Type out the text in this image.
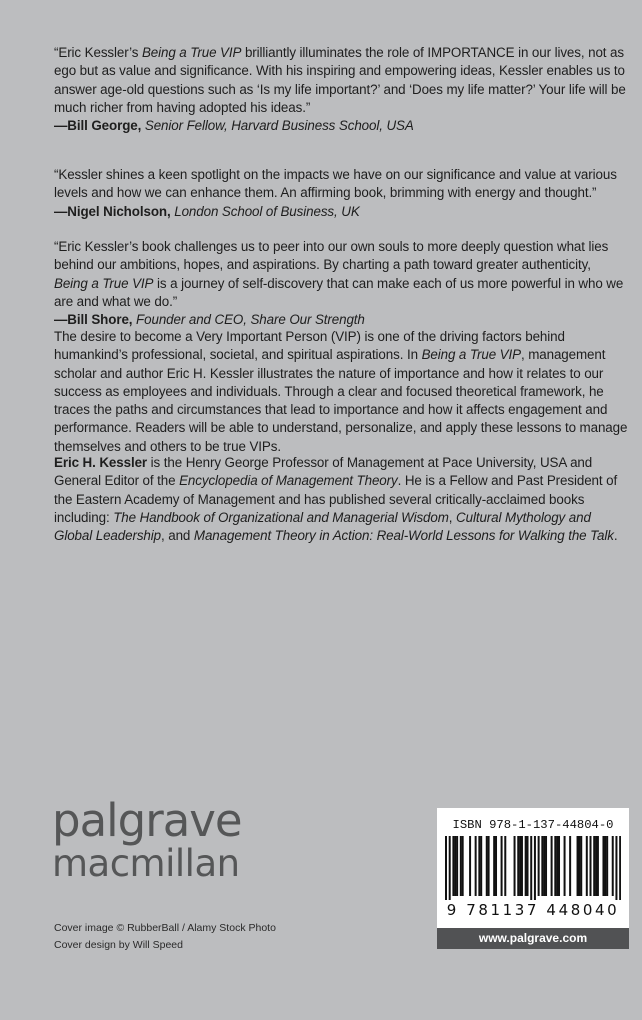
“Eric Kessler’s Being a True VIP brilliantly illuminates the role of IMPORTANCE in our lives, not as ego but as value and significance. With his inspiring and empowering ideas, Kessler enables us to answer age-old questions such as ‘Is my life important?’ and ‘Does my life matter?’ Your life will be much richer from having adopted his ideas.”

—Bill George, Senior Fellow, Harvard Business School, USA

“Kessler shines a keen spotlight on the impacts we have on our significance and value at various levels and how we can enhance them. An affirming book, brimming with energy and thought.”

—Nigel Nicholson, London School of Business, UK

“Eric Kessler’s book challenges us to peer into our own souls to more deeply question what lies behind our ambitions, hopes, and aspirations. By charting a path toward greater authenticity, Being a True VIP is a journey of self-discovery that can make each of us more powerful in who we are and what we do.”

—Bill Shore, Founder and CEO, Share Our Strength

The desire to become a Very Important Person (VIP) is one of the driving factors behind humankind’s professional, societal, and spiritual aspirations. In Being a True VIP, management scholar and author Eric H. Kessler illustrates the nature of importance and how it relates to our success as employees and individuals. Through a clear and focused theoretical framework, he traces the paths and circumstances that lead to importance and how it affects engagement and performance. Readers will be able to understand, personalize, and apply these lessons to manage themselves and others to be true VIPs.

Eric H. Kessler is the Henry George Professor of Management at Pace University, USA and General Editor of the Encyclopedia of Management Theory. He is a Fellow and Past President of the Eastern Academy of Management and has published several critically-acclaimed books including: The Handbook of Organizational and Managerial Wisdom, Cultural Mythology and Global Leadership, and Management Theory in Action: Real-World Lessons for Walking the Talk.

palgrave
macmillan
Cover image © RubberBall / Alamy Stock Photo
Cover design by Will Speed
ISBN 978-1-137-44804-0
9 781137 448040
www.palgrave.com
